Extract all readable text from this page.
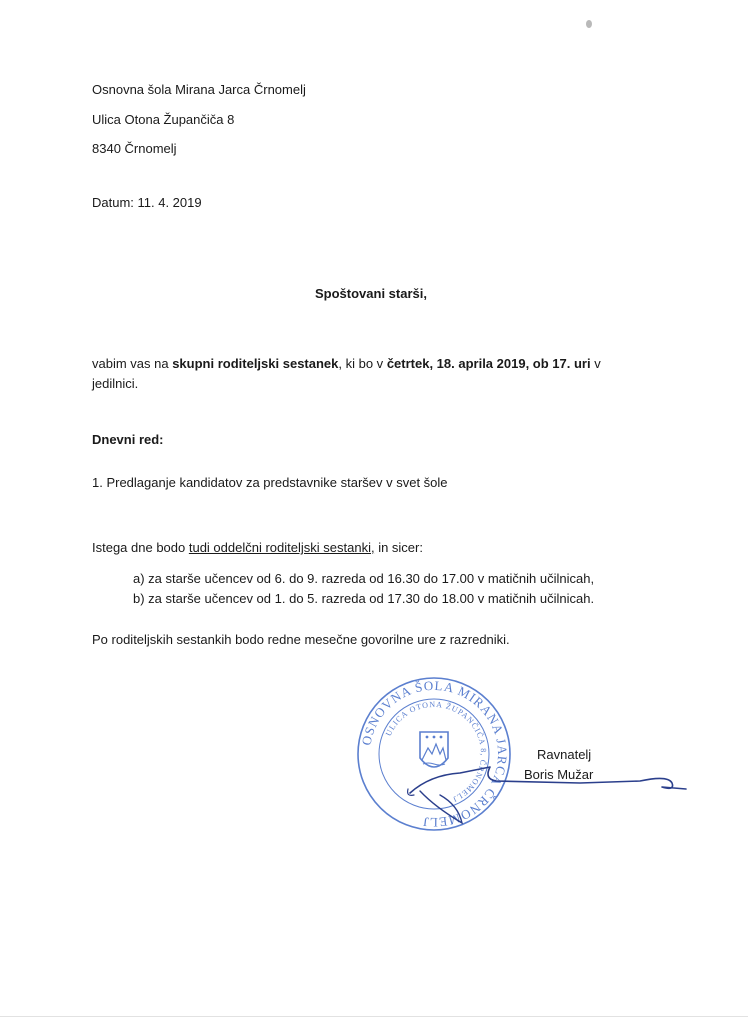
Osnovna šola Mirana Jarca Črnomelj
Ulica Otona Župančiča 8
8340 Črnomelj
Datum: 11. 4. 2019
Spoštovani starši,
vabim vas na skupni roditeljski sestanek, ki bo v četrtek, 18. aprila 2019, ob 17. uri v
jedilnici.
Dnevni red:
1. Predlaganje kandidatov za predstavnike staršev v svet šole
Istega dne bodo tudi oddelčni roditeljski sestanki, in sicer:
a) za starše učencev od 6. do 9. razreda od 16.30 do 17.00 v matičnih učilnicah,
b) za starše učencev od 1. do 5. razreda od 17.30 do 18.00 v matičnih učilnicah.
Po roditeljskih sestankih bodo redne mesečne govorilne ure z razredniki.
OSNOVNA ŠOLA MIRANA JARCA ČRNOMELJ
ULICA OTONA ŽUPANČIČA 8, ČRNOMELJ
Ravnatelj
Boris Mužar
